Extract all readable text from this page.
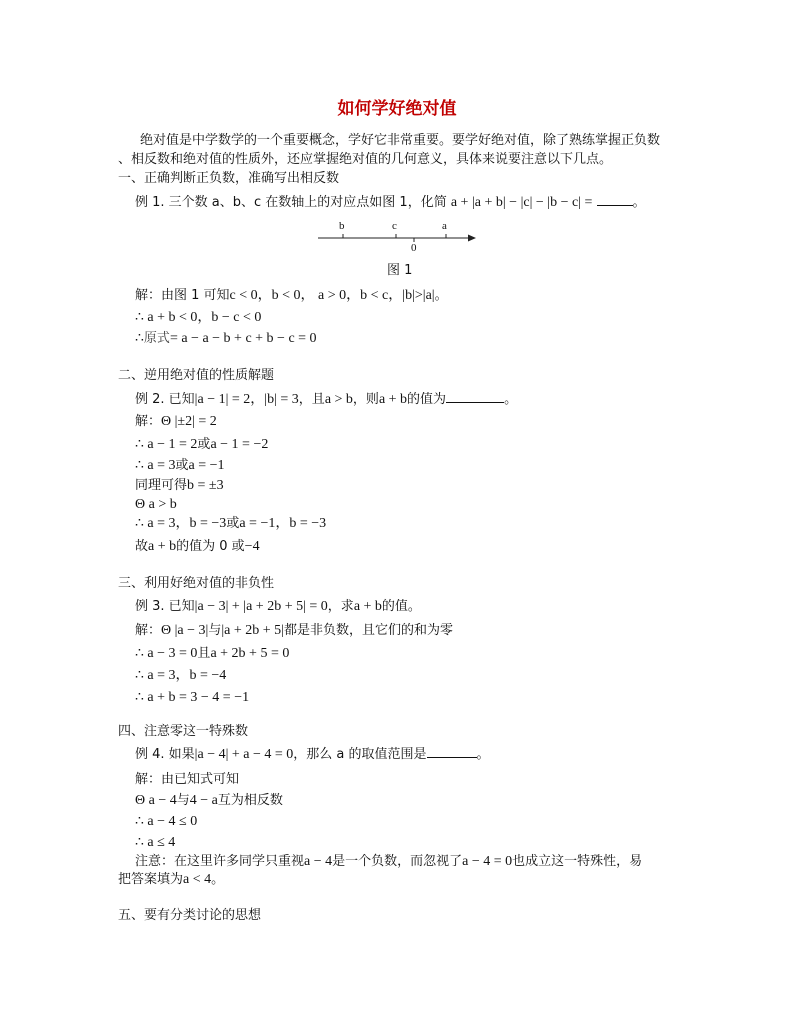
如何学好绝对值
绝对值是中学数学的一个重要概念，学好它非常重要。要学好绝对值，除了熟练掌握正负数
、相反数和绝对值的性质外，还应掌握绝对值的几何意义，具体来说要注意以下几点。
一、正确判断正负数，准确写出相反数
例 1. 三个数 a、b、c 在数轴上的对应点如图 1，化简 a + |a + b| − |c| − |b − c| =	。
b	c	a
0
图 1
解：由图 1 可知c < 0，b < 0， a > 0，b < c，|b|>|a|。
∴ a + b < 0，b − c < 0
∴原式= a − a − b + c + b − c = 0
二、逆用绝对值的性质解题
例 2. 已知|a − 1| = 2，|b| = 3，且a > b，则a + b的值为	。
解：Θ |±2| = 2
∴ a − 1 = 2或a − 1 = −2
∴ a = 3或a = −1
同理可得b = ±3
Θ a > b
∴ a = 3，b = −3或a = −1，b = −3
故a + b的值为 0 或−4
三、利用好绝对值的非负性
例 3. 已知|a − 3| + |a + 2b + 5| = 0，求a + b的值。
解：Θ |a − 3|与|a + 2b + 5|都是非负数，且它们的和为零
∴ a − 3 = 0且a + 2b + 5 = 0
∴ a = 3，b = −4
∴ a + b = 3 − 4 = −1
四、注意零这一特殊数
例 4. 如果|a − 4| + a − 4 = 0，那么 a 的取值范围是	。
解：由已知式可知
Θ a − 4与4 − a互为相反数
∴ a − 4 ≤ 0
∴ a ≤ 4
注意：在这里许多同学只重视a − 4是一个负数，而忽视了a − 4 = 0也成立这一特殊性，易
把答案填为a < 4。
五、要有分类讨论的思想
